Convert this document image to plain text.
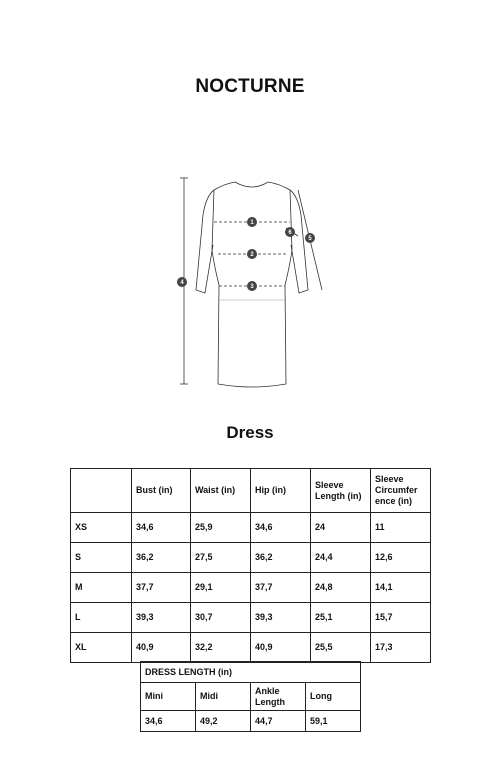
NOCTURNE
1
2
3
4
5
6
Dress
	Bust (in)	Waist (in)	Hip (in)	Sleeve Length (in)	Sleeve Circumfer ence (in)
XS	34,6	25,9	34,6	24	11
S	36,2	27,5	36,2	24,4	12,6
M	37,7	29,1	37,7	24,8	14,1
L	39,3	30,7	39,3	25,1	15,7
XL	40,9	32,2	40,9	25,5	17,3
DRESS LENGTH (in)			
Mini	Midi	Ankle Length	Long
34,6	49,2	44,7	59,1
